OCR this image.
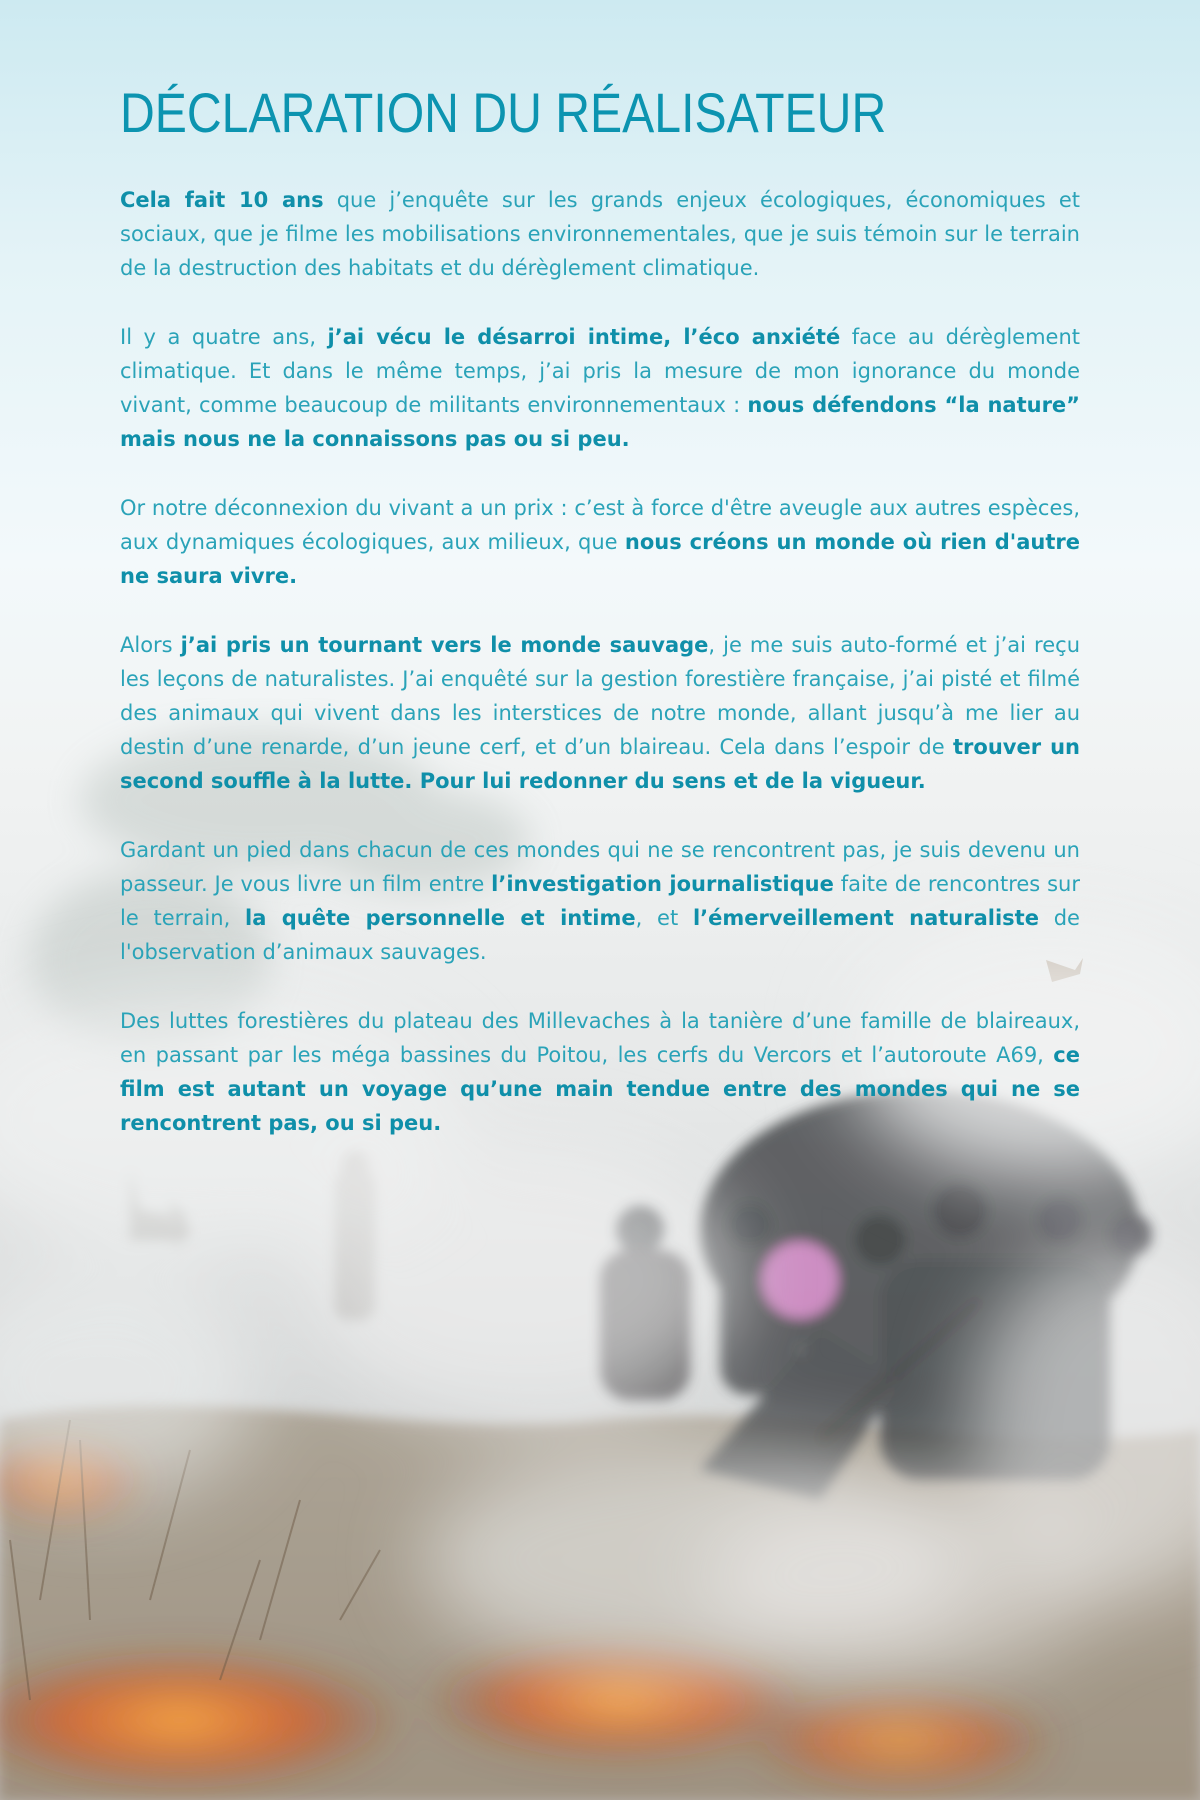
DÉCLARATION DU RÉALISATEUR

Cela fait 10 ans que j’enquête sur les grands enjeux écologiques, économiques et sociaux, que je filme les mobilisations environnementales, que je suis témoin sur le terrain de la destruction des habitats et du dérèglement climatique.

Il y a quatre ans, j’ai vécu le désarroi intime, l’éco anxiété face au dérèglement climatique. Et dans le même temps, j’ai pris la mesure de mon ignorance du monde vivant, comme beaucoup de militants environnementaux : nous défendons “la nature” mais nous ne la connaissons pas ou si peu.

Or notre déconnexion du vivant a un prix : c’est à force d'être aveugle aux autres espèces, aux dynamiques écologiques, aux milieux, que nous créons un monde où rien d'autre ne saura vivre.

Alors j’ai pris un tournant vers le monde sauvage, je me suis auto-formé et j’ai reçu les leçons de naturalistes. J’ai enquêté sur la gestion forestière française, j’ai pisté et filmé des animaux qui vivent dans les interstices de notre monde, allant jusqu’à me lier au destin d’une renarde, d’un jeune cerf, et d’un blaireau. Cela dans l’espoir de trouver un second souffle à la lutte. Pour lui redonner du sens et de la vigueur.

Gardant un pied dans chacun de ces mondes qui ne se rencontrent pas, je suis devenu un passeur. Je vous livre un film entre l’investigation journalistique faite de rencontres sur le terrain, la quête personnelle et intime, et l’émerveillement naturaliste de l'observation d’animaux sauvages.

Des luttes forestières du plateau des Millevaches à la tanière d’une famille de blaireaux, en passant par les méga bassines du Poitou, les cerfs du Vercors et l’autoroute A69, ce film est autant un voyage qu’une main tendue entre des mondes qui ne se rencontrent pas, ou si peu.
